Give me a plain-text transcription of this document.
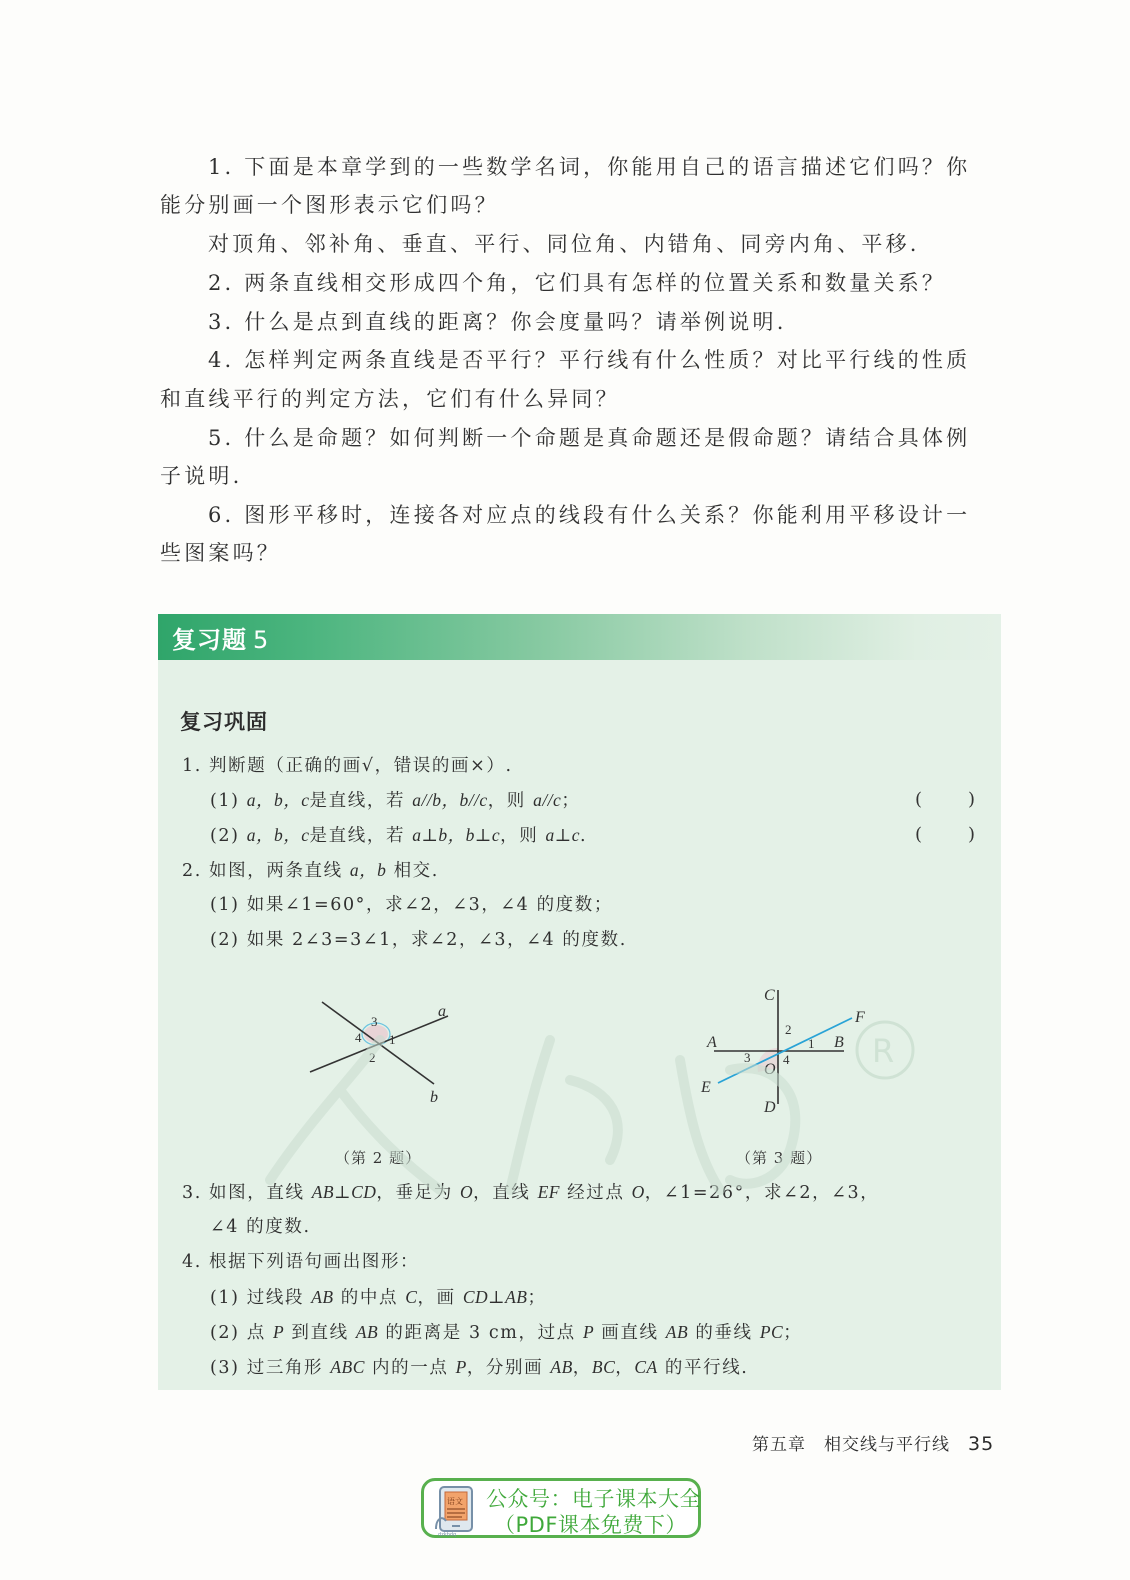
1. 下面是本章学到的一些数学名词，你能用自己的语言描述它们吗？你
能分别画一个图形表示它们吗？
对顶角、邻补角、垂直、平行、同位角、内错角、同旁内角、平移.
2. 两条直线相交形成四个角，它们具有怎样的位置关系和数量关系？
3. 什么是点到直线的距离？你会度量吗？请举例说明.
4. 怎样判定两条直线是否平行？平行线有什么性质？对比平行线的性质
和直线平行的判定方法，它们有什么异同？
5. 什么是命题？如何判断一个命题是真命题还是假命题？请结合具体例
子说明.
6. 图形平移时，连接各对应点的线段有什么关系？你能利用平移设计一
些图案吗？
复习题 5
复习巩固
1. 判断题（正确的画√，错误的画×）.
(1) a，b，c是直线，若 a//b，b//c，则 a//c；	(	)
(2) a，b，c是直线，若 a⊥b，b⊥c，则 a⊥c.	(	)
2. 如图，两条直线 a，b 相交.
(1) 如果∠1=60°，求∠2，∠3，∠4 的度数；
(2) 如果 2∠3=3∠1，求∠2，∠3，∠4 的度数.
a
b
3
4 1
2
（第 2 题）
C
A	B
F
E
O
D
2
1
3	4
（第 3 题）
3. 如图，直线 AB⊥CD，垂足为 O，直线 EF 经过点 O，∠1=26°，求∠2，∠3，
∠4 的度数.
4. 根据下列语句画出图形：
(1) 过线段 AB 的中点 C，画 CD⊥AB；
(2) 点 P 到直线 AB 的距离是 3 cm，过点 P 画直线 AB 的垂线 PC；
(3) 过三角形 ABC 内的一点 P，分别画 AB，BC，CA 的平行线.
R
第五章　相交线与平行线 35
语文
dzkbdq
公众号：电子课本大全
（PDF课本免费下）
